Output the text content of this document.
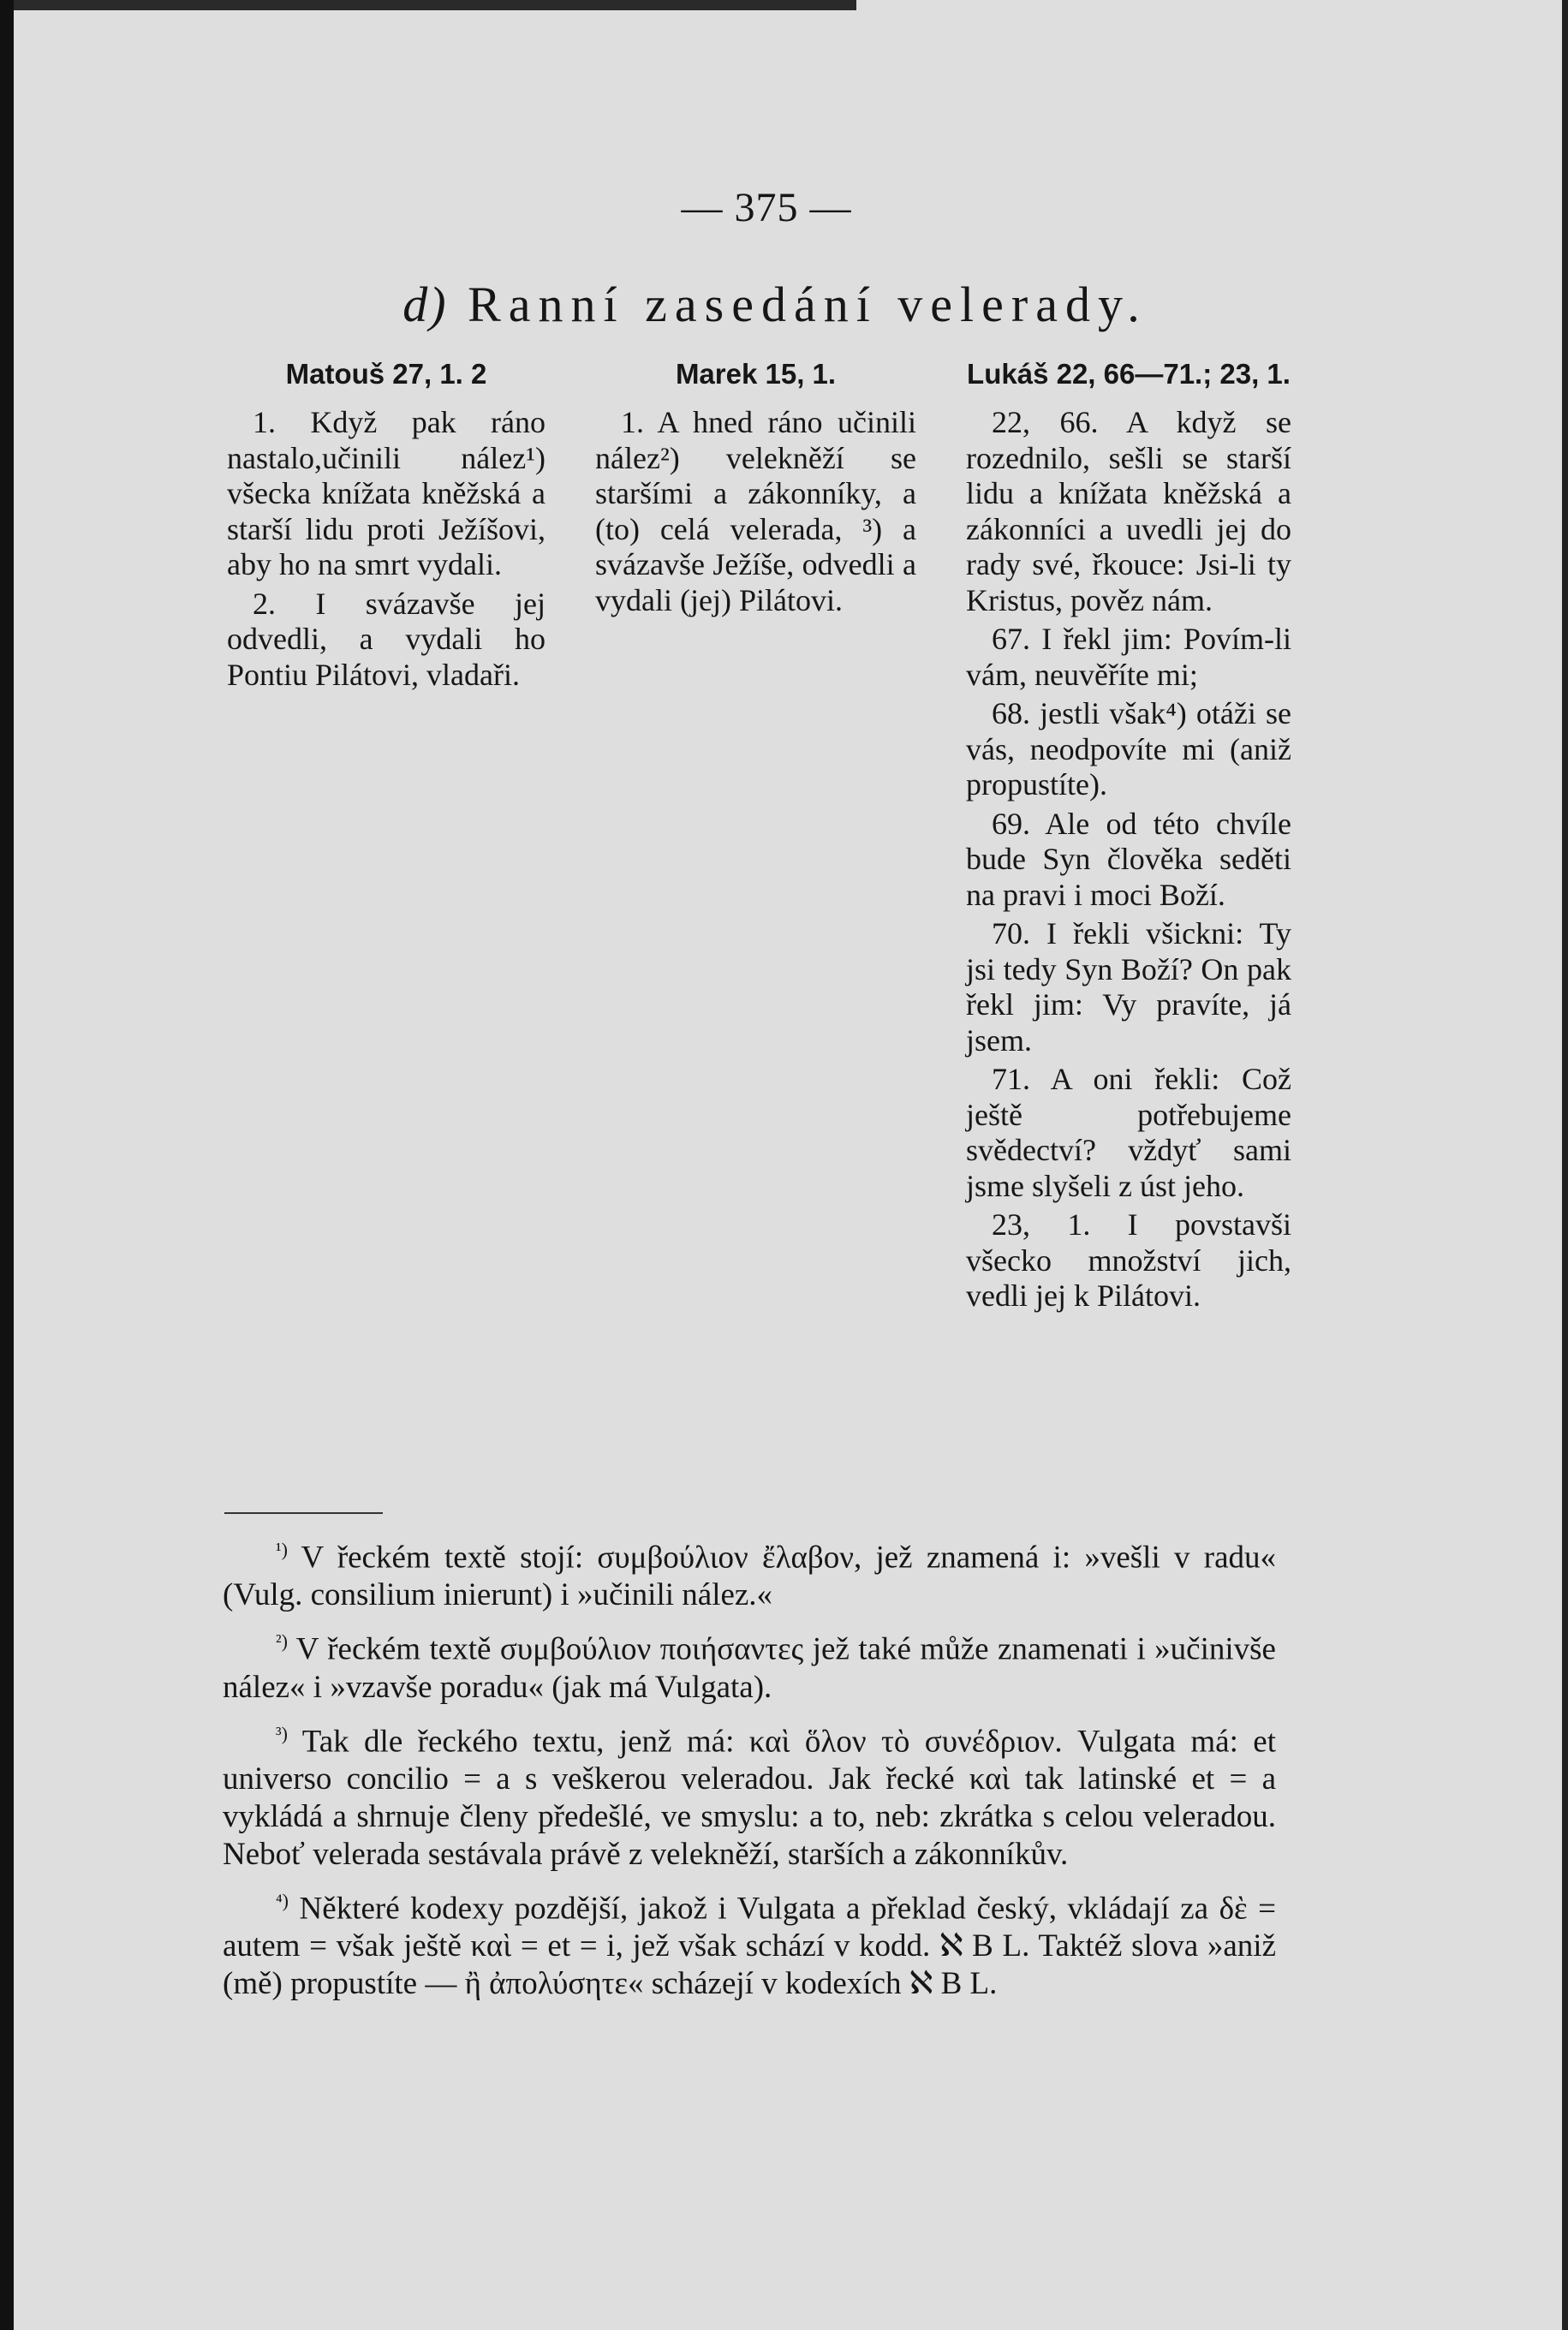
— 375 —
d) Ranní zasedání velerady.
Matouš 27, 1. 2

1. Když pak ráno nastalo,učinili nález¹) všecka knížata kněžská a starší lidu proti Ježíšovi, aby ho na smrt vydali.

2. I svázavše jej odvedli, a vydali ho Pontiu Pilátovi, vladaři.

Marek 15, 1.

1. A hned ráno učinili nález²) velekněží se staršími a zákonníky, a (to) celá velerada, ³) a svázavše Ježíše, odvedli a vydali (jej) Pilátovi.

Lukáš 22, 66—71.; 23, 1.

22, 66. A když se rozednilo, sešli se starší lidu a knížata kněžská a zákonníci a uvedli jej do rady své, řkouce: Jsi-li ty Kristus, pověz nám.

67. I řekl jim: Povím-li vám, neuvěříte mi;

68. jestli však⁴) otáži se vás, neodpovíte mi (aniž propustíte).

69. Ale od této chvíle bude Syn člověka seděti na pravi i moci Boží.

70. I řekli všickni: Ty jsi tedy Syn Boží? On pak řekl jim: Vy pravíte, já jsem.

71. A oni řekli: Což ještě potřebujeme svědectví? vždyť sami jsme slyšeli z úst jeho.

23, 1. I povstavši všecko množství jich, vedli jej k Pilátovi.

$^{^1)}$ V řeckém textě stojí: συμβούλιον ἔλαβον, jež znamená i: »vešli v radu« (Vulg. consilium inierunt) i »učinili nález.«

$^{^2)}$ V řeckém textě συμβούλιον ποιήσαντες jež také může znamenati i »učinivše nález« i »vzavše poradu« (jak má Vulgata).

$^{^3)}$ Tak dle řeckého textu, jenž má: καὶ ὅλον τὸ συνέδριον. Vulgata má: et universo concilio = a s veškerou veleradou. Jak řecké καὶ tak latinské et = a vykládá a shrnuje členy předešlé, ve smyslu: a to, neb: zkrátka s celou veleradou. Neboť velerada sestávala právě z velekněží, starších a zákonníkův.

$^{^4)}$ Některé kodexy pozdější, jakož i Vulgata a překlad český, vkládají za δὲ = autem = však ještě καὶ = et = i, jež však schází v kodd. ℵ B L. Taktéž slova »aniž (mě) propustíte — ἢ ἀπολύσητε« scházejí v kodexích ℵ B L.
